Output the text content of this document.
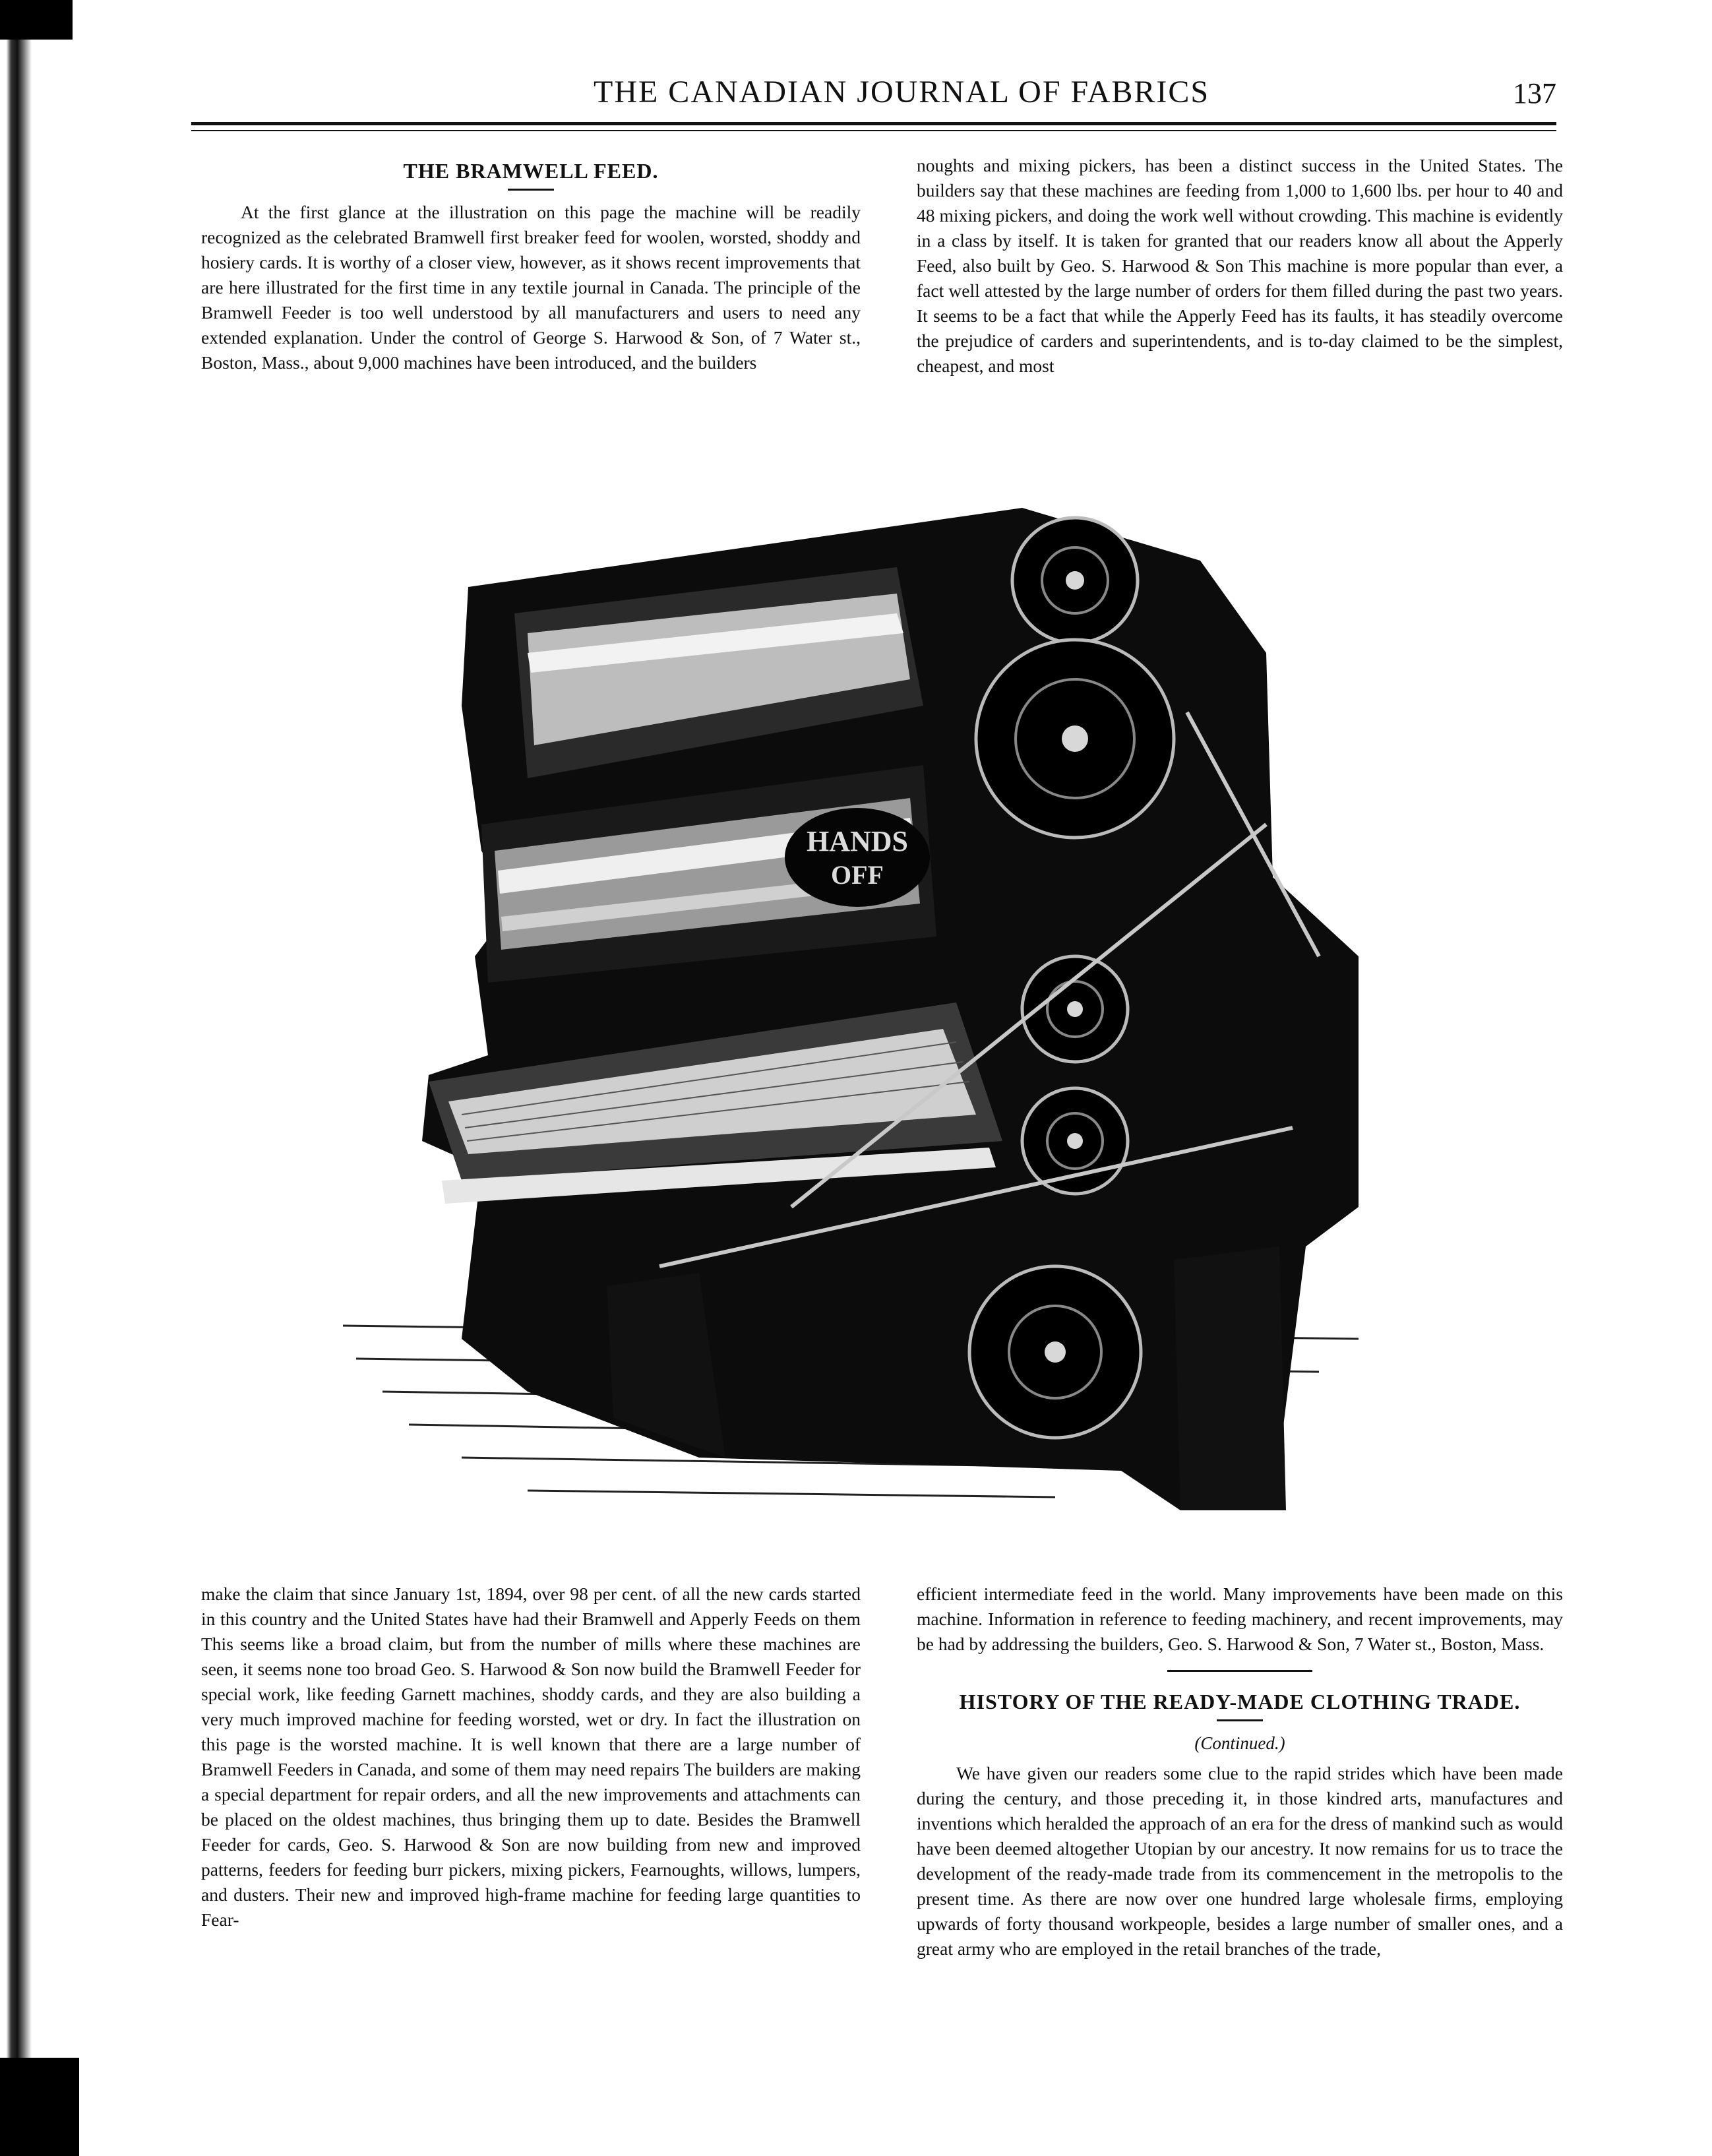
THE CANADIAN JOURNAL OF FABRICS	137
THE BRAMWELL FEED.

At the first glance at the illustration on this page the machine will be readily recognized as the celebrated Bramwell first breaker feed for woolen, worsted, shoddy and hosiery cards. It is worthy of a closer view, however, as it shows recent improvements that are here illustrated for the first time in any textile journal in Canada. The principle of the Bramwell Feeder is too well understood by all manufacturers and users to need any extended explanation. Under the control of George S. Harwood & Son, of 7 Water st., Boston, Mass., about 9,000 machines have been introduced, and the builders

noughts and mixing pickers, has been a distinct success in the United States. The builders say that these machines are feeding from 1,000 to 1,600 lbs. per hour to 40 and 48 mixing pickers, and doing the work well without crowding. This machine is evidently in a class by itself. It is taken for granted that our readers know all about the Apperly Feed, also built by Geo. S. Harwood & Son This machine is more popular than ever, a fact well attested by the large number of orders for them filled during the past two years. It seems to be a fact that while the Apperly Feed has its faults, it has steadily overcome the prejudice of carders and superintendents, and is to-day claimed to be the simplest, cheapest, and most

HANDS
OFF

make the claim that since January 1st, 1894, over 98 per cent. of all the new cards started in this country and the United States have had their Bramwell and Apperly Feeds on them This seems like a broad claim, but from the number of mills where these machines are seen, it seems none too broad Geo. S. Harwood & Son now build the Bramwell Feeder for special work, like feeding Garnett machines, shoddy cards, and they are also building a very much improved machine for feeding worsted, wet or dry. In fact the illustration on this page is the worsted machine. It is well known that there are a large number of Bramwell Feeders in Canada, and some of them may need repairs The builders are making a special department for repair orders, and all the new improvements and attachments can be placed on the oldest machines, thus bringing them up to date. Besides the Bramwell Feeder for cards, Geo. S. Harwood & Son are now building from new and improved patterns, feeders for feeding burr pickers, mixing pickers, Fearnoughts, willows, lumpers, and dusters. Their new and improved high-frame machine for feeding large quantities to Fear-

efficient intermediate feed in the world. Many improvements have been made on this machine. Information in reference to feeding machinery, and recent improvements, may be had by addressing the builders, Geo. S. Harwood & Son, 7 Water st., Boston, Mass.

HISTORY OF THE READY-MADE CLOTHING TRADE.
(Continued.)

We have given our readers some clue to the rapid strides which have been made during the century, and those preceding it, in those kindred arts, manufactures and inventions which heralded the approach of an era for the dress of mankind such as would have been deemed altogether Utopian by our ancestry. It now remains for us to trace the development of the ready-made trade from its commencement in the metropolis to the present time. As there are now over one hundred large wholesale firms, employing upwards of forty thousand workpeople, besides a large number of smaller ones, and a great army who are employed in the retail branches of the trade,
